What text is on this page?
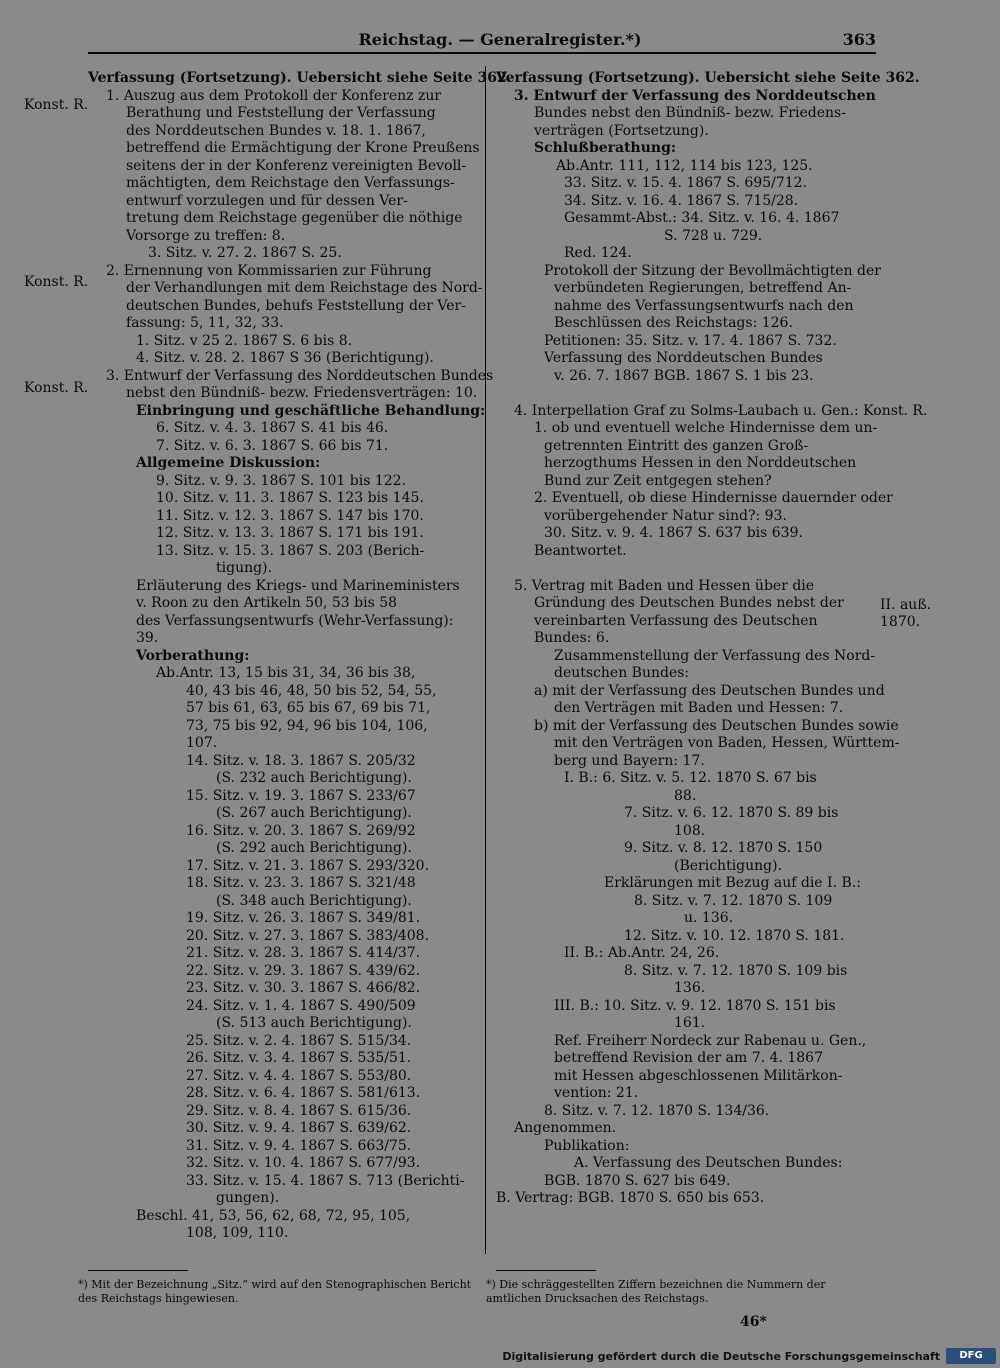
Reichstag. — Generalregister.*)	363
Konst. R.
Konst. R.
Konst. R.
II. auß.
1870.
Verfassung (Fortsetzung). Uebersicht siehe Seite 362.
1. Auszug aus dem Protokoll der Konferenz zur
Berathung und Feststellung der Verfassung
des Norddeutschen Bundes v. 18. 1. 1867,
betreffend die Ermächtigung der Krone Preußens
seitens der in der Konferenz vereinigten Bevoll-
mächtigten, dem Reichstage den Verfassungs-
entwurf vorzulegen und für dessen Ver-
tretung dem Reichstage gegenüber die nöthige
Vorsorge zu treffen: 8.
3. Sitz. v. 27. 2. 1867 S. 25.
2. Ernennung von Kommissarien zur Führung
der Verhandlungen mit dem Reichstage des Nord-
deutschen Bundes, behufs Feststellung der Ver-
fassung: 5, 11, 32, 33.
1. Sitz. v 25 2. 1867 S. 6 bis 8.
4. Sitz. v. 28. 2. 1867 S 36 (Berichtigung).
3. Entwurf der Verfassung des Norddeutschen Bundes
nebst den Bündniß- bezw. Friedensverträgen: 10.
Einbringung und geschäftliche Behandlung:
6. Sitz. v. 4. 3. 1867 S. 41 bis 46.
7. Sitz. v. 6. 3. 1867 S. 66 bis 71.
Allgemeine Diskussion:
9. Sitz. v. 9. 3. 1867 S. 101 bis 122.
10. Sitz. v. 11. 3. 1867 S. 123 bis 145.
11. Sitz. v. 12. 3. 1867 S. 147 bis 170.
12. Sitz. v. 13. 3. 1867 S. 171 bis 191.
13. Sitz. v. 15. 3. 1867 S. 203 (Berich-
tigung).
Erläuterung des Kriegs- und Marineministers
v. Roon zu den Artikeln 50, 53 bis 58
des Verfassungsentwurfs (Wehr-Verfassung):
39.
Vorberathung:
Ab.Antr. 13, 15 bis 31, 34, 36 bis 38,
40, 43 bis 46, 48, 50 bis 52, 54, 55,
57 bis 61, 63, 65 bis 67, 69 bis 71,
73, 75 bis 92, 94, 96 bis 104, 106,
107.
14. Sitz. v. 18. 3. 1867 S. 205/32
(S. 232 auch Berichtigung).
15. Sitz. v. 19. 3. 1867 S. 233/67
(S. 267 auch Berichtigung).
16. Sitz. v. 20. 3. 1867 S. 269/92
(S. 292 auch Berichtigung).
17. Sitz. v. 21. 3. 1867 S. 293/320.
18. Sitz. v. 23. 3. 1867 S. 321/48
(S. 348 auch Berichtigung).
19. Sitz. v. 26. 3. 1867 S. 349/81.
20. Sitz. v. 27. 3. 1867 S. 383/408.
21. Sitz. v. 28. 3. 1867 S. 414/37.
22. Sitz. v. 29. 3. 1867 S. 439/62.
23. Sitz. v. 30. 3. 1867 S. 466/82.
24. Sitz. v. 1. 4. 1867 S. 490/509
(S. 513 auch Berichtigung).
25. Sitz. v. 2. 4. 1867 S. 515/34.
26. Sitz. v. 3. 4. 1867 S. 535/51.
27. Sitz. v. 4. 4. 1867 S. 553/80.
28. Sitz. v. 6. 4. 1867 S. 581/613.
29. Sitz. v. 8. 4. 1867 S. 615/36.
30. Sitz. v. 9. 4. 1867 S. 639/62.
31. Sitz. v. 9. 4. 1867 S. 663/75.
32. Sitz. v. 10. 4. 1867 S. 677/93.
33. Sitz. v. 15. 4. 1867 S. 713 (Berichti-
gungen).
Beschl. 41, 53, 56, 62, 68, 72, 95, 105,
108, 109, 110.
Verfassung (Fortsetzung). Uebersicht siehe Seite 362.
3. Entwurf der Verfassung des Norddeutschen
Bundes nebst den Bündniß- bezw. Friedens-
verträgen (Fortsetzung).
Schlußberathung:
Ab.Antr. 111, 112, 114 bis 123, 125.
33. Sitz. v. 15. 4. 1867 S. 695/712.
34. Sitz. v. 16. 4. 1867 S. 715/28.
Gesammt-Abst.: 34. Sitz. v. 16. 4. 1867
S. 728 u. 729.
Red. 124.
Protokoll der Sitzung der Bevollmächtigten der
verbündeten Regierungen, betreffend An-
nahme des Verfassungsentwurfs nach den
Beschlüssen des Reichstags: 126.
Petitionen: 35. Sitz. v. 17. 4. 1867 S. 732.
Verfassung des Norddeutschen Bundes
v. 26. 7. 1867 BGB. 1867 S. 1 bis 23.
4. Interpellation Graf zu Solms-Laubach u. Gen.: Konst. R.
1. ob und eventuell welche Hindernisse dem un-
getrennten Eintritt des ganzen Groß-
herzogthums Hessen in den Norddeutschen
Bund zur Zeit entgegen stehen?
2. Eventuell, ob diese Hindernisse dauernder oder
vorübergehender Natur sind?: 93.
30. Sitz. v. 9. 4. 1867 S. 637 bis 639.
Beantwortet.
5. Vertrag mit Baden und Hessen über die
Gründung des Deutschen Bundes nebst der
vereinbarten Verfassung des Deutschen
Bundes: 6.
Zusammenstellung der Verfassung des Nord-
deutschen Bundes:
a) mit der Verfassung des Deutschen Bundes und
den Verträgen mit Baden und Hessen: 7.
b) mit der Verfassung des Deutschen Bundes sowie
mit den Verträgen von Baden, Hessen, Württem-
berg und Bayern: 17.
I. B.: 6. Sitz. v. 5. 12. 1870 S. 67 bis
88.
7. Sitz. v. 6. 12. 1870 S. 89 bis
108.
9. Sitz. v. 8. 12. 1870 S. 150
(Berichtigung).
Erklärungen mit Bezug auf die I. B.:
8. Sitz. v. 7. 12. 1870 S. 109
u. 136.
12. Sitz. v. 10. 12. 1870 S. 181.
II. B.: Ab.Antr. 24, 26.
8. Sitz. v. 7. 12. 1870 S. 109 bis
136.
III. B.: 10. Sitz. v. 9. 12. 1870 S. 151 bis
161.
Ref. Freiherr Nordeck zur Rabenau u. Gen.,
betreffend Revision der am 7. 4. 1867
mit Hessen abgeschlossenen Militärkon-
vention: 21.
8. Sitz. v. 7. 12. 1870 S. 134/36.
Angenommen.
Publikation:
A. Verfassung des Deutschen Bundes:
BGB. 1870 S. 627 bis 649.
B. Vertrag: BGB. 1870 S. 650 bis 653.
*) Mit der Bezeichnung „Sitz.“ wird auf den Stenographischen Bericht des Reichstags hingewiesen.
*) Die schräggestellten Ziffern bezeichnen die Nummern der amtlichen Drucksachen des Reichstags.
46*
Digitalisierung gefördert durch die Deutsche Forschungsgemeinschaft	DFG
